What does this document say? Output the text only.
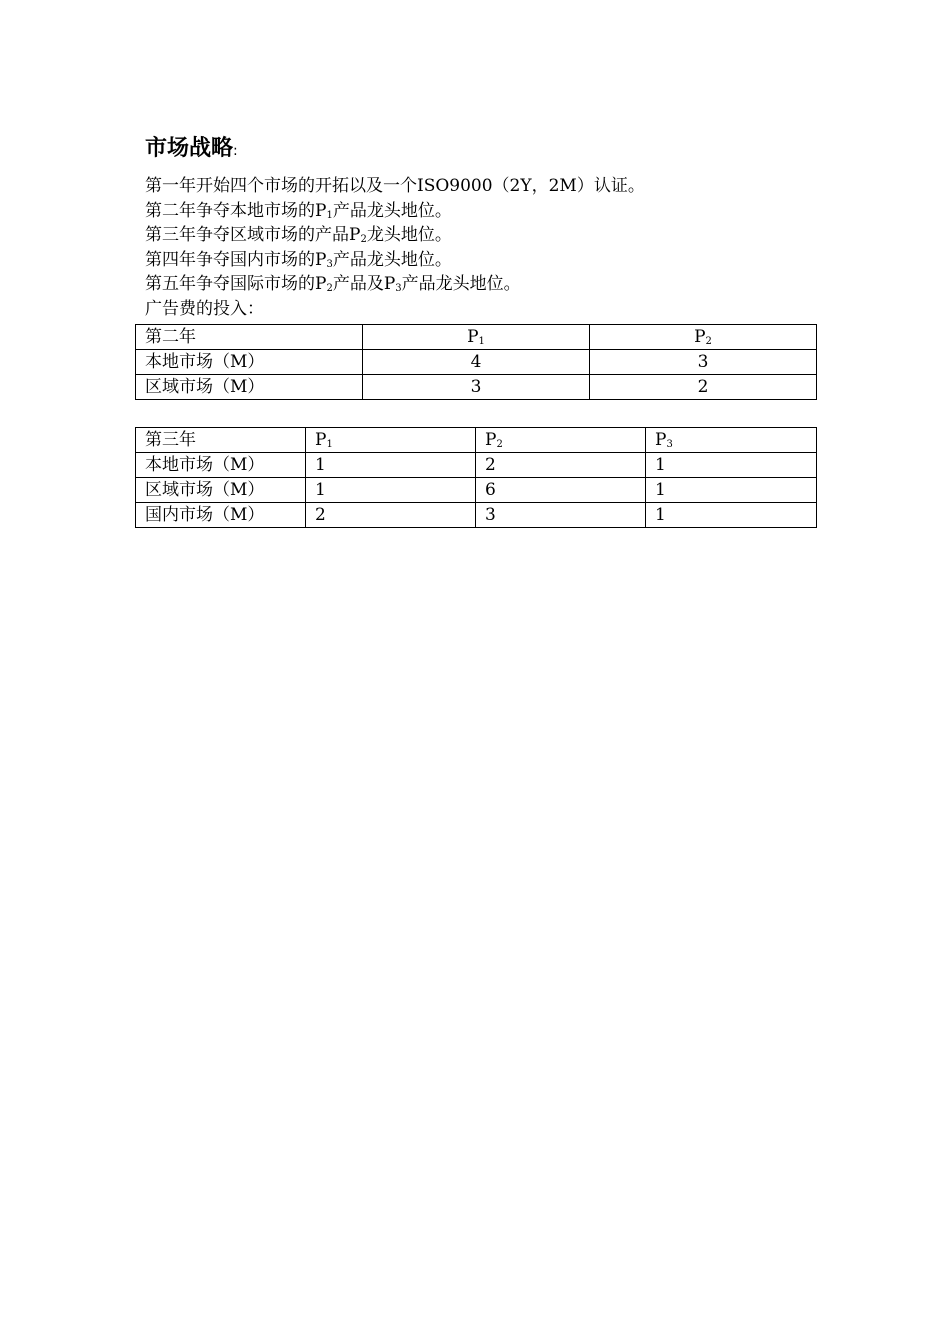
市场战略:
第一年开始四个市场的开拓以及一个ISO9000（2Y，2M）认证。
第二年争夺本地市场的$P_1$产品龙头地位。
第三年争夺区域市场的产品$P_2$龙头地位。
第四年争夺国内市场的$P_3$产品龙头地位。
第五年争夺国际市场的$P_2$产品及$P_3$产品龙头地位。
广告费的投入：
第二年	$P_1$	$P_2$
本地市场（M）	4	3
区域市场（M）	3	2
第三年	$P_1$	$P_2$	$P_3$
本地市场（M）	1	2	1
区域市场（M）	1	6	1
国内市场（M）	2	3	1
